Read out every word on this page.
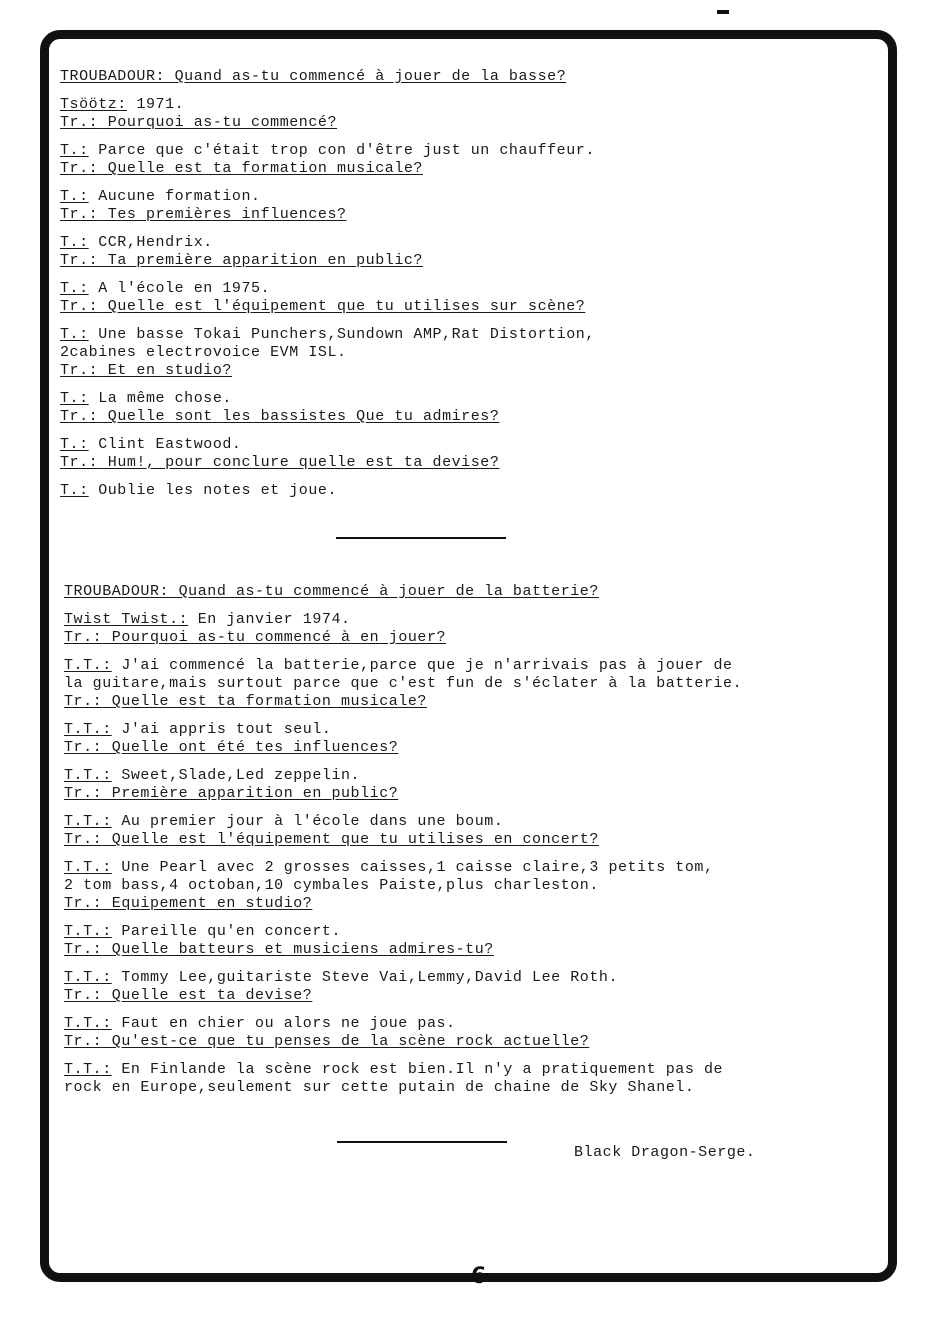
TROUBADOUR: Quand as-tu commencé à jouer de la basse?
Tsöötz: 1971.
Tr.: Pourquoi as-tu commencé?
T.: Parce que c'était trop con d'être just un chauffeur.
Tr.: Quelle est ta formation musicale?
T.: Aucune formation.
Tr.: Tes premières influences?
T.: CCR,Hendrix.
Tr.: Ta première apparition en public?
T.: A l'école en 1975.
Tr.: Quelle est l'équipement que tu utilises sur scène?
T.: Une basse Tokai Punchers,Sundown AMP,Rat Distortion,
2cabines electrovoice EVM ISL.
Tr.: Et en studio?
T.: La même chose.
Tr.: Quelle sont les bassistes Que tu admires?
T.: Clint Eastwood.
Tr.: Hum!, pour conclure quelle est ta devise?
T.: Oublie les notes et joue.
TROUBADOUR: Quand as-tu commencé à jouer de la batterie?
Twist Twist.: En janvier 1974.
Tr.: Pourquoi as-tu commencé à en jouer?
T.T.: J'ai commencé la batterie,parce que je n'arrivais pas à jouer de
la guitare,mais surtout parce que c'est fun de s'éclater à la batterie.
Tr.: Quelle est ta formation musicale?
T.T.: J'ai appris tout seul.
Tr.: Quelle ont été tes influences?
T.T.: Sweet,Slade,Led zeppelin.
Tr.: Première apparition en public?
T.T.: Au premier jour à l'école dans une boum.
Tr.: Quelle est l'équipement que tu utilises en concert?
T.T.: Une Pearl avec 2 grosses caisses,1 caisse claire,3 petits tom,
2 tom bass,4 octoban,10 cymbales Paiste,plus charleston.
Tr.: Equipement en studio?
T.T.: Pareille qu'en concert.
Tr.: Quelle batteurs et musiciens admires-tu?
T.T.: Tommy Lee,guitariste Steve Vai,Lemmy,David Lee Roth.
Tr.: Quelle est ta devise?
T.T.: Faut en chier ou alors ne joue pas.
Tr.: Qu'est-ce que tu penses de la scène rock actuelle?
T.T.: En Finlande la scène rock est bien.Il n'y a pratiquement pas de
rock en Europe,seulement sur cette putain de chaine de Sky Shanel.
Black Dragon-Serge.
6
